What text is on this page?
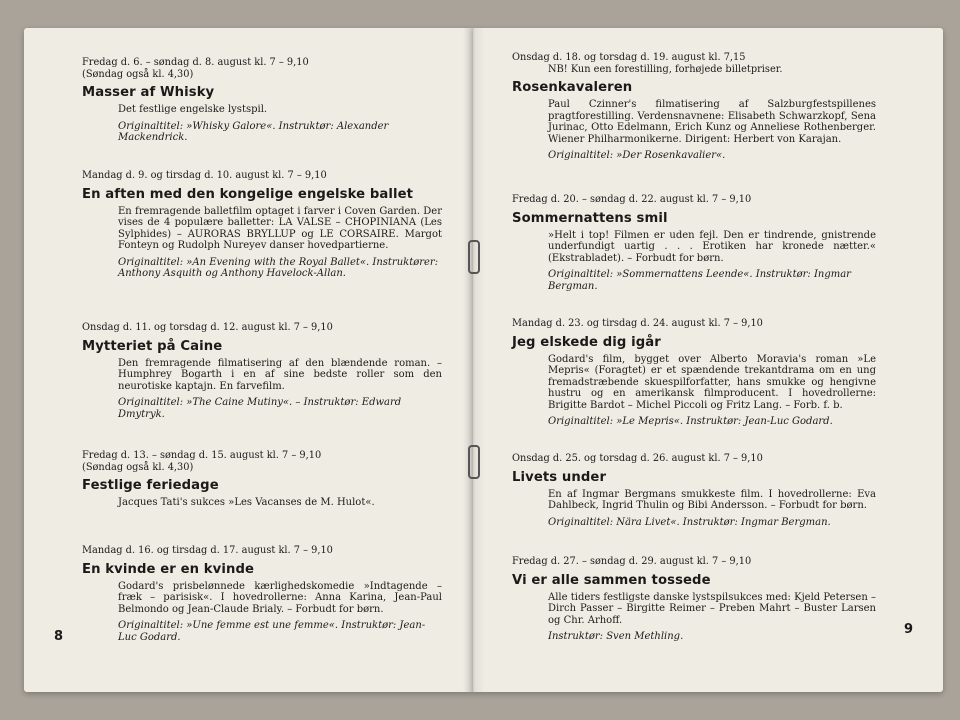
Fredag d. 6. – søndag d. 8. august kl. 7 – 9,10
(Søndag også kl. 4,30)
Masser af Whisky
Det festlige engelske lystspil.
Originaltitel: »Whisky Galore«. Instruktør: Alexander Mackendrick.
Mandag d. 9. og tirsdag d. 10. august kl. 7 – 9,10
En aften med den kongelige engelske ballet
En fremragende balletfilm optaget i farver i Coven Garden. Der vises de 4 populære balletter: LA VALSE – CHOPINIANA (Les Sylphides) – AURORAS BRYLLUP og LE CORSAIRE. Margot Fonteyn og Rudolph Nureyev danser hovedpartierne.
Originaltitel: »An Evening with the Royal Ballet«. Instruktører: Anthony Asquith og Anthony Havelock-Allan.
Onsdag d. 11. og torsdag d. 12. august kl. 7 – 9,10
Mytteriet på Caine
Den fremragende filmatisering af den blændende roman. – Humphrey Bogarth i en af sine bedste roller som den neurotiske kaptajn. En farvefilm.
Originaltitel: »The Caine Mutiny«. – Instruktør: Edward Dmytryk.
Fredag d. 13. – søndag d. 15. august kl. 7 – 9,10
(Søndag også kl. 4,30)
Festlige feriedage
Jacques Tati's sukces »Les Vacanses de M. Hulot«.
Mandag d. 16. og tirsdag d. 17. august kl. 7 – 9,10
En kvinde er en kvinde
Godard's prisbelønnede kærlighedskomedie »Indtagende – fræk – parisisk«. I hovedrollerne: Anna Karina, Jean-Paul Belmondo og Jean-Claude Brialy. – Forbudt for børn.
Originaltitel: »Une femme est une femme«. Instruktør: Jean-Luc Godard.
8
Onsdag d. 18. og torsdag d. 19. august kl. 7,15
NB! Kun een forestilling, forhøjede billetpriser.
Rosenkavaleren
Paul Czinner's filmatisering af Salzburgfestspillenes pragtforestilling. Verdensnavnene: Elisabeth Schwarzkopf, Sena Jurinac, Otto Edelmann, Erich Kunz og Anneliese Rothenberger. Wiener Philharmonikerne. Dirigent: Herbert von Karajan.
Originaltitel: »Der Rosenkavalier«.
Fredag d. 20. – søndag d. 22. august kl. 7 – 9,10
Sommernattens smil
»Helt i top! Filmen er uden fejl. Den er tindrende, gnistrende underfundigt uartig . . . Erotiken har kronede nætter.« (Ekstrabladet). – Forbudt for børn.
Originaltitel: »Sommernattens Leende«. Instruktør: Ingmar Bergman.
Mandag d. 23. og tirsdag d. 24. august kl. 7 – 9,10
Jeg elskede dig igår
Godard's film, bygget over Alberto Moravia's roman »Le Mepris« (Foragtet) er et spændende trekantdrama om en ung fremadstræbende skuespilforfatter, hans smukke og hengivne hustru og en amerikansk filmproducent. I hovedrollerne: Brigitte Bardot – Michel Piccoli og Fritz Lang. – Forb. f. b.
Originaltitel: »Le Mepris«. Instruktør: Jean-Luc Godard.
Onsdag d. 25. og torsdag d. 26. august kl. 7 – 9,10
Livets under
En af Ingmar Bergmans smukkeste film. I hovedrollerne: Eva Dahlbeck, Ingrid Thulin og Bibi Andersson. – Forbudt for børn.
Originaltitel: Nära Livet«. Instruktør: Ingmar Bergman.
Fredag d. 27. – søndag d. 29. august kl. 7 – 9,10
Vi er alle sammen tossede
Alle tiders festligste danske lystspilsukces med: Kjeld Petersen – Dirch Passer – Birgitte Reimer – Preben Mahrt – Buster Larsen og Chr. Arhoff.
Instruktør: Sven Methling.	9
